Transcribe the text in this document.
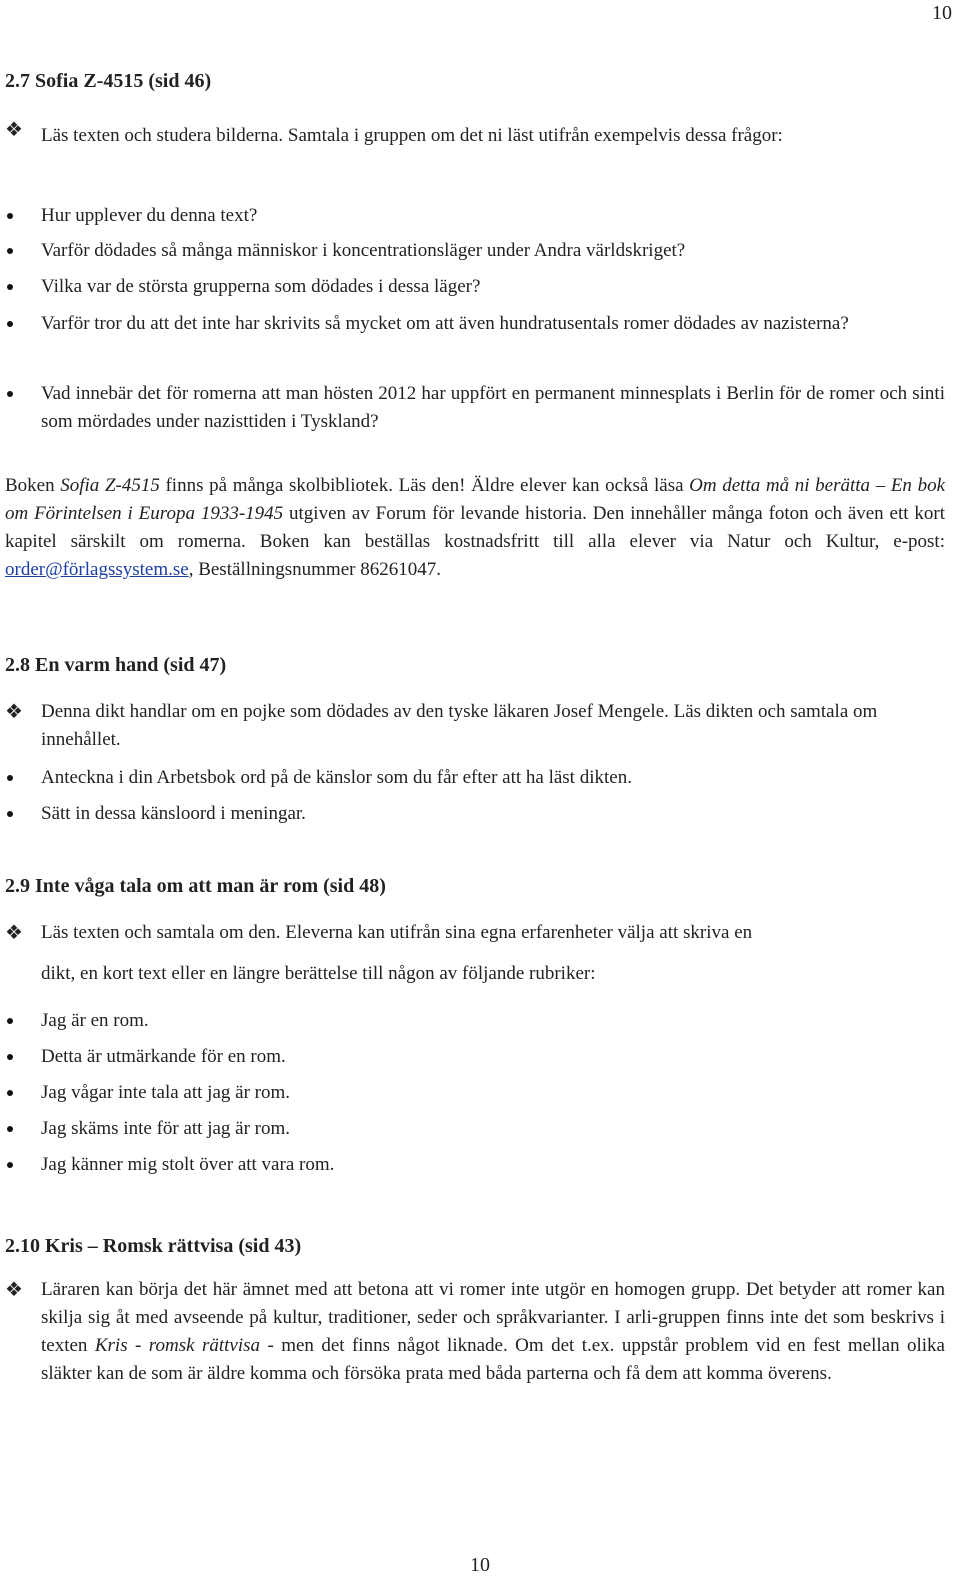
10
2.7 Sofia Z-4515 (sid 46)
❖	Läs texten och studera bilderna. Samtala i gruppen om det ni läst utifrån exempelvis dessa frågor:
Hur upplever du denna text?
Varför dödades så många människor i koncentrationsläger under Andra världskriget?
Vilka var de största grupperna som dödades i dessa läger?
Varför tror du att det inte har skrivits så mycket om att även hundratusentals romer dödades av nazisterna?
Vad innebär det för romerna att man hösten 2012 har uppfört en permanent minnesplats i Berlin för de romer och sinti som mördades under nazisttiden i Tyskland?
Boken Sofia Z-4515 finns på många skolbibliotek. Läs den! Äldre elever kan också läsa Om detta må ni berätta – En bok om Förintelsen i Europa 1933-1945 utgiven av Forum för levande historia. Den innehåller många foton och även ett kort kapitel särskilt om romerna. Boken kan beställas kostnadsfritt till alla elever via Natur och Kultur, e-post: order@förlagssystem.se, Beställningsnummer 86261047.
2.8 En varm hand (sid 47)
❖	Denna dikt handlar om en pojke som dödades av den tyske läkaren Josef Mengele. Läs dikten och samtala om innehållet.
Anteckna i din Arbetsbok ord på de känslor som du får efter att ha läst dikten.
Sätt in dessa känsloord i meningar.
2.9 Inte våga tala om att man är rom (sid 48)
❖	Läs texten och samtala om den. Eleverna kan utifrån sina egna erfarenheter välja att skriva en
dikt, en kort text eller en längre berättelse till någon av följande rubriker:
Jag är en rom.
Detta är utmärkande för en rom.
Jag vågar inte tala att jag är rom.
Jag skäms inte för att jag är rom.
Jag känner mig stolt över att vara rom.
2.10 Kris – Romsk rättvisa (sid 43)
❖	Läraren kan börja det här ämnet med att betona att vi romer inte utgör en homogen grupp. Det betyder att romer kan skilja sig åt med avseende på kultur, traditioner, seder och språkvarianter. I arli-gruppen finns inte det som beskrivs i texten Kris - romsk rättvisa - men det finns något liknade. Om det t.ex. uppstår problem vid en fest mellan olika släkter kan de som är äldre komma och försöka prata med båda parterna och få dem att komma överens.
10
